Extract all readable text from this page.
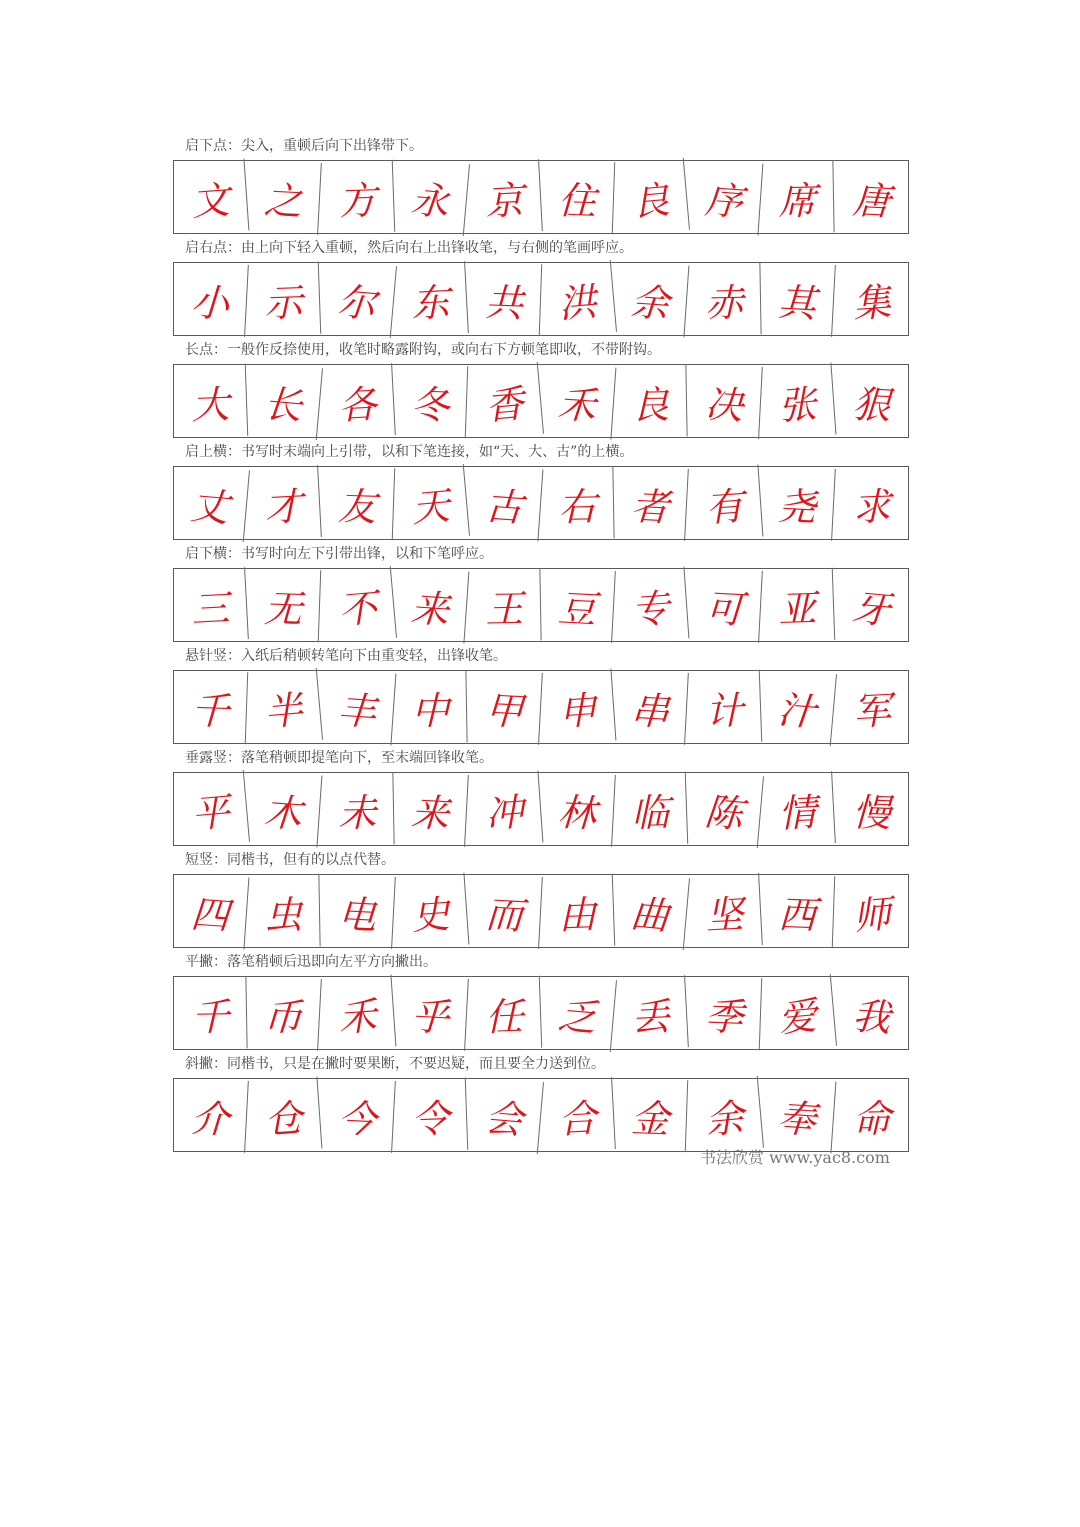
启下点：尖入，重顿后向下出锋带下。
文 之 方 永 京 住 良 序 席 唐
启右点：由上向下轻入重顿，然后向右上出锋收笔，与右侧的笔画呼应。
小 示 尔 东 共 洪 余 赤 其 集
长点：一般作反捺使用，收笔时略露附钩，或向右下方顿笔即收，不带附钩。
大 长 各 冬 香 禾 良 决 张 狠
启上横：书写时末端向上引带，以和下笔连接，如“天、大、古”的上横。
丈 才 友 天 古 右 者 有 尧 求
启下横：书写时向左下引带出锋，以和下笔呼应。
三 无 不 来 王 豆 专 可 亚 牙
悬针竖：入纸后稍顿转笔向下由重变轻，出锋收笔。
千 半 丰 中 甲 申 串 计 汁 军
垂露竖：落笔稍顿即提笔向下，至末端回锋收笔。
平 木 未 来 冲 林 临 陈 情 慢
短竖：同楷书，但有的以点代替。
四 虫 电 史 而 由 曲 坚 西 师
平撇：落笔稍顿后迅即向左平方向撇出。
千 币 禾 乎 任 乏 丢 季 爱 我
斜撇：同楷书，只是在撇时要果断，不要迟疑，而且要全力送到位。
介 仓 今 令 会 合 金 余 奉 命
书法欣赏 www.yac8.com
